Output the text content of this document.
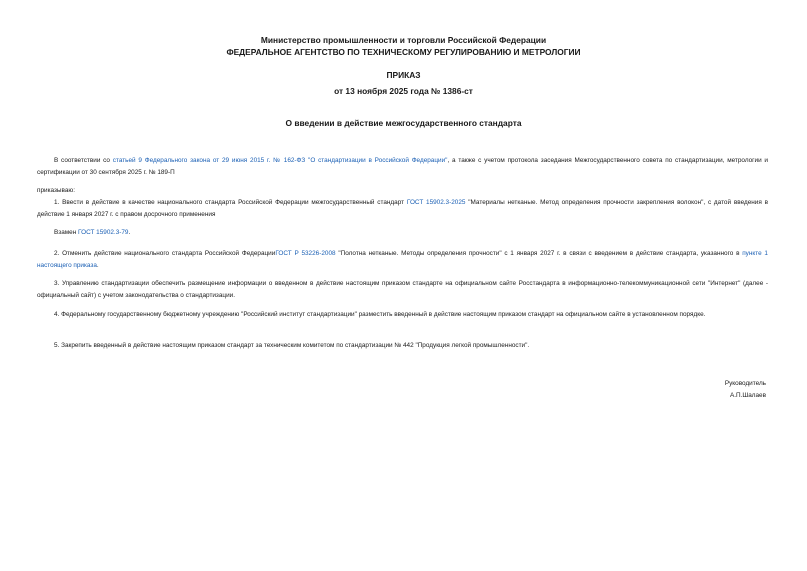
Министерство промышленности и торговли Российской Федерации
ФЕДЕРАЛЬНОЕ АГЕНТСТВО ПО ТЕХНИЧЕСКОМУ РЕГУЛИРОВАНИЮ И МЕТРОЛОГИИ
ПРИКАЗ
от 13 ноября 2025 года № 1386-ст
О введении в действие межгосударственного стандарта
В соответствии со статьей 9 Федерального закона от 29 июня 2015 г. № 162-ФЗ "О стандартизации в Российской Федерации", а также с учетом протокола заседания Межгосударственного совета по стандартизации, метрологии и сертификации от 30 сентября 2025 г. № 189-П
приказываю:
1. Ввести в действие в качестве национального стандарта Российской Федерации межгосударственный стандарт ГОСТ 15902.3-2025 "Материалы нетканые. Метод определения прочности закрепления волокон", с датой введения в действие 1 января 2027 г. с правом досрочного применения
Взамен ГОСТ 15902.3-79.
2. Отменить действие национального стандарта Российской ФедерацииГОСТ Р 53226-2008 "Полотна нетканые. Методы определения прочности" с 1 января 2027 г. в связи с введением в действие стандарта, указанного в пункте 1 настоящего приказа.
3. Управлению стандартизации обеспечить размещение информации о введенном в действие настоящим приказом стандарте на официальном сайте Росстандарта в информационно-телекоммуникационной сети "Интернет" (далее - официальный сайт) с учетом законодательства о стандартизации.
4. Федеральному государственному бюджетному учреждению "Российский институт стандартизации" разместить введенный в действие настоящим приказом стандарт на официальном сайте в установленном порядке.
5. Закрепить введенный в действие настоящим приказом стандарт за техническим комитетом по стандартизации № 442 "Продукция легкой промышленности".
Руководитель
А.П.Шалаев
